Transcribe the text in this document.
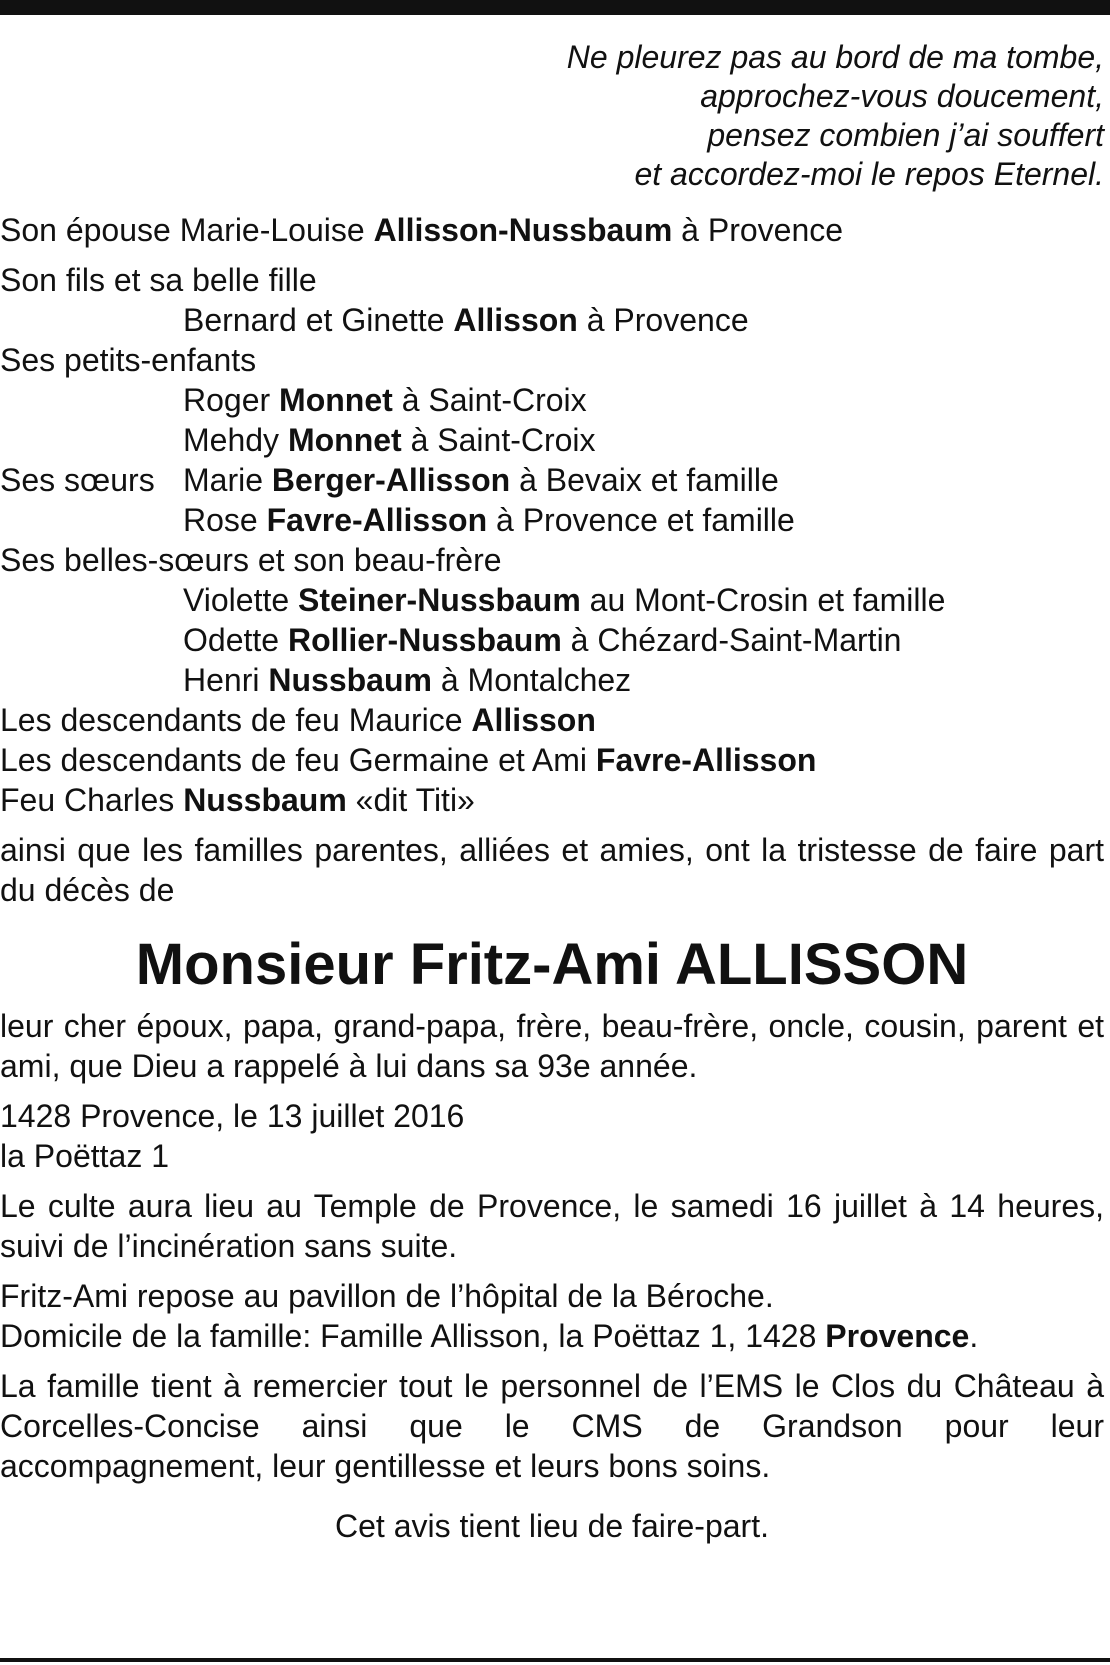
Ne pleurez pas au bord de ma tombe,
approchez-vous doucement,
pensez combien j’ai souffert
et accordez-moi le repos Eternel.
Son épouse Marie-Louise Allisson-Nussbaum à Provence
Son fils et sa belle fille
Bernard et Ginette Allisson à Provence
Ses petits-enfants
Roger Monnet à Saint-Croix
Mehdy Monnet à Saint-Croix
Ses sœurs Marie Berger-Allisson à Bevaix et famille
Rose Favre-Allisson à Provence et famille
Ses belles-sœurs et son beau-frère
Violette Steiner-Nussbaum au Mont-Crosin et famille
Odette Rollier-Nussbaum à Chézard-Saint-Martin
Henri Nussbaum à Montalchez
Les descendants de feu Maurice Allisson
Les descendants de feu Germaine et Ami Favre-Allisson
Feu Charles Nussbaum «dit Titi»
ainsi que les familles parentes, alliées et amies, ont la tristesse de faire part du décès de
Monsieur Fritz-Ami ALLISSON
leur cher époux, papa, grand-papa, frère, beau-frère, oncle, cousin, parent et ami, que Dieu a rappelé à lui dans sa 93e année.
1428 Provence, le 13 juillet 2016
la Poëttaz 1
Le culte aura lieu au Temple de Provence, le samedi 16 juillet à 14 heures, suivi de l’incinération sans suite.
Fritz-Ami repose au pavillon de l’hôpital de la Béroche.
Domicile de la famille: Famille Allisson, la Poëttaz 1, 1428 Provence.
La famille tient à remercier tout le personnel de l’EMS le Clos du Château à Corcelles-Concise ainsi que le CMS de Grandson pour leur accompagnement, leur gentillesse et leurs bons soins.
Cet avis tient lieu de faire-part.
